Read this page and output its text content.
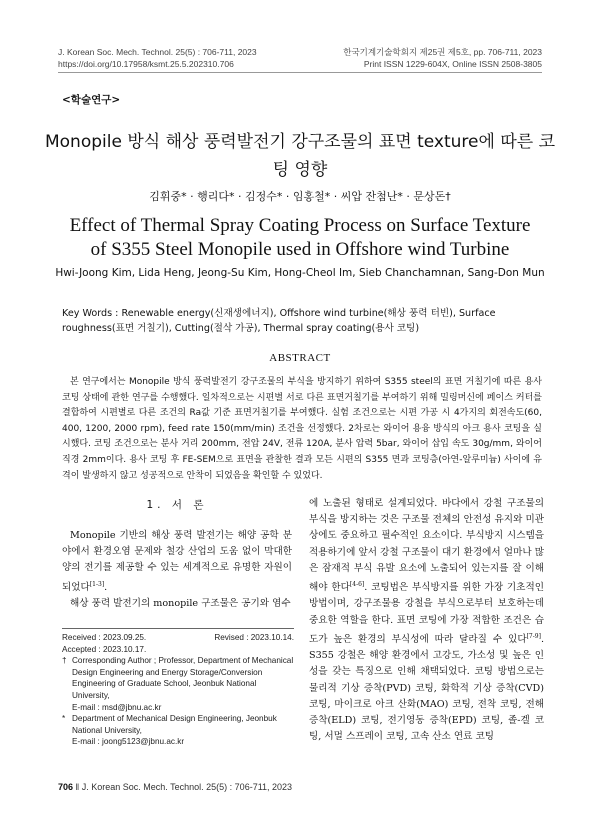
J. Korean Soc. Mech. Technol. 25(5) : 706-711, 2023
https://doi.org/10.17958/ksmt.25.5.202310.706
한국기계기술학회지 제25권 제5호, pp. 706-711, 2023
Print ISSN 1229-604X, Online ISSN 2508-3805
<학술연구>
Monopile 방식 해상 풍력발전기 강구조물의 표면 texture에 따른 코팅 영향
김휘중* · 행리다* · 김정수* · 임홍철* · 씨압 잔첨난* · 문상돈†
Effect of Thermal Spray Coating Process on Surface Texture
of S355 Steel Monopile used in Offshore wind Turbine
Hwi-Joong Kim, Lida Heng, Jeong-Su Kim, Hong-Cheol Im, Sieb Chanchamnan, Sang-Don Mun
Key Words : Renewable energy(신재생에너지), Offshore wind turbine(해상 풍력 터빈), Surface roughness(표면 거칠기), Cutting(절삭 가공), Thermal spray coating(용사 코팅)
ABSTRACT
본 연구에서는 Monopile 방식 풍력발전기 강구조물의 부식을 방지하기 위하여 S355 steel의 표면 거칠기에 따른 용사 코팅 상태에 관한 연구를 수행했다. 일차적으로는 시편별 서로 다른 표면거칠기를 부여하기 위해 밀링머신에 페이스 커터를 결합하여 시편별로 다른 조건의 Ra값 기준 표면거칠기를 부여했다. 실험 조건으로는 시편 가공 시 4가지의 회전속도(60, 400, 1200, 2000 rpm), feed rate 150(mm/min) 조건을 선정했다. 2차로는 와이어 용융 방식의 아크 용사 코팅을 실시했다. 코팅 조건으로는 분사 거리 200mm, 전압 24V, 전류 120A, 분사 압력 5bar, 와이어 삽입 속도 30g/mm, 와이어 직경 2mm이다. 용사 코팅 후 FE-SEM으로 표면을 관찰한 결과 모든 시편의 S355 면과 코팅층(아연-알루미늄) 사이에 유격이 발생하지 않고 성공적으로 안착이 되었음을 확인할 수 있었다.
1. 서 론

Monopile 기반의 해상 풍력 발전기는 해양 공학 분야에서 환경오염 문제와 철강 산업의 도움 없이 막대한 양의 전기를 제공할 수 있는 세계적으로 유명한 자원이 되었다[1-3].

해상 풍력 발전기의 monopile 구조물은 공기와 염수

에 노출된 형태로 설계되었다. 바다에서 강철 구조물의 부식을 방지하는 것은 구조물 전체의 안전성 유지와 미관상에도 중요하고 필수적인 요소이다. 부식방지 시스템을 적용하기에 앞서 강철 구조물이 대기 환경에서 얼마나 많은 잠재적 부식 유발 요소에 노출되어 있는지를 잘 이해해야 한다[4-6]. 코팅법은 부식방지를 위한 가장 기초적인 방법이며, 강구조물용 강철을 부식으로부터 보호하는데 중요한 역할을 한다. 표면 코팅에 가장 적합한 조건은 습도가 높은 환경의 부식성에 따라 달라질 수 있다[7-9]. S355 강철은 해양 환경에서 고강도, 가소성 및 높은 인성을 갖는 특징으로 인해 채택되었다. 코팅 방법으로는 물리적 기상 증착(PVD) 코팅, 화학적 기상 증착(CVD) 코팅, 마이크로 아크 산화(MAO) 코팅, 전착 코팅, 전해 증착(ELD) 코팅, 전기영동 증착(EPD) 코팅, 졸-겔 코팅, 서멀 스프레이 코팅, 고속 산소 연료 코팅

Received : 2023.09.25.	Revised : 2023.10.14.
Accepted : 2023.10.17.
† Corresponding Author ; Professor, Department of Mechanical Design Engineering and Energy Storage/Conversion Engineering of Graduate School, Jeonbuk National University,
E-mail : msd@jbnu.ac.kr
* Department of Mechanical Design Engineering, Jeonbuk National University,
E-mail : joong5123@jbnu.ac.kr
706 ‖ J. Korean Soc. Mech. Technol. 25(5) : 706-711, 2023
